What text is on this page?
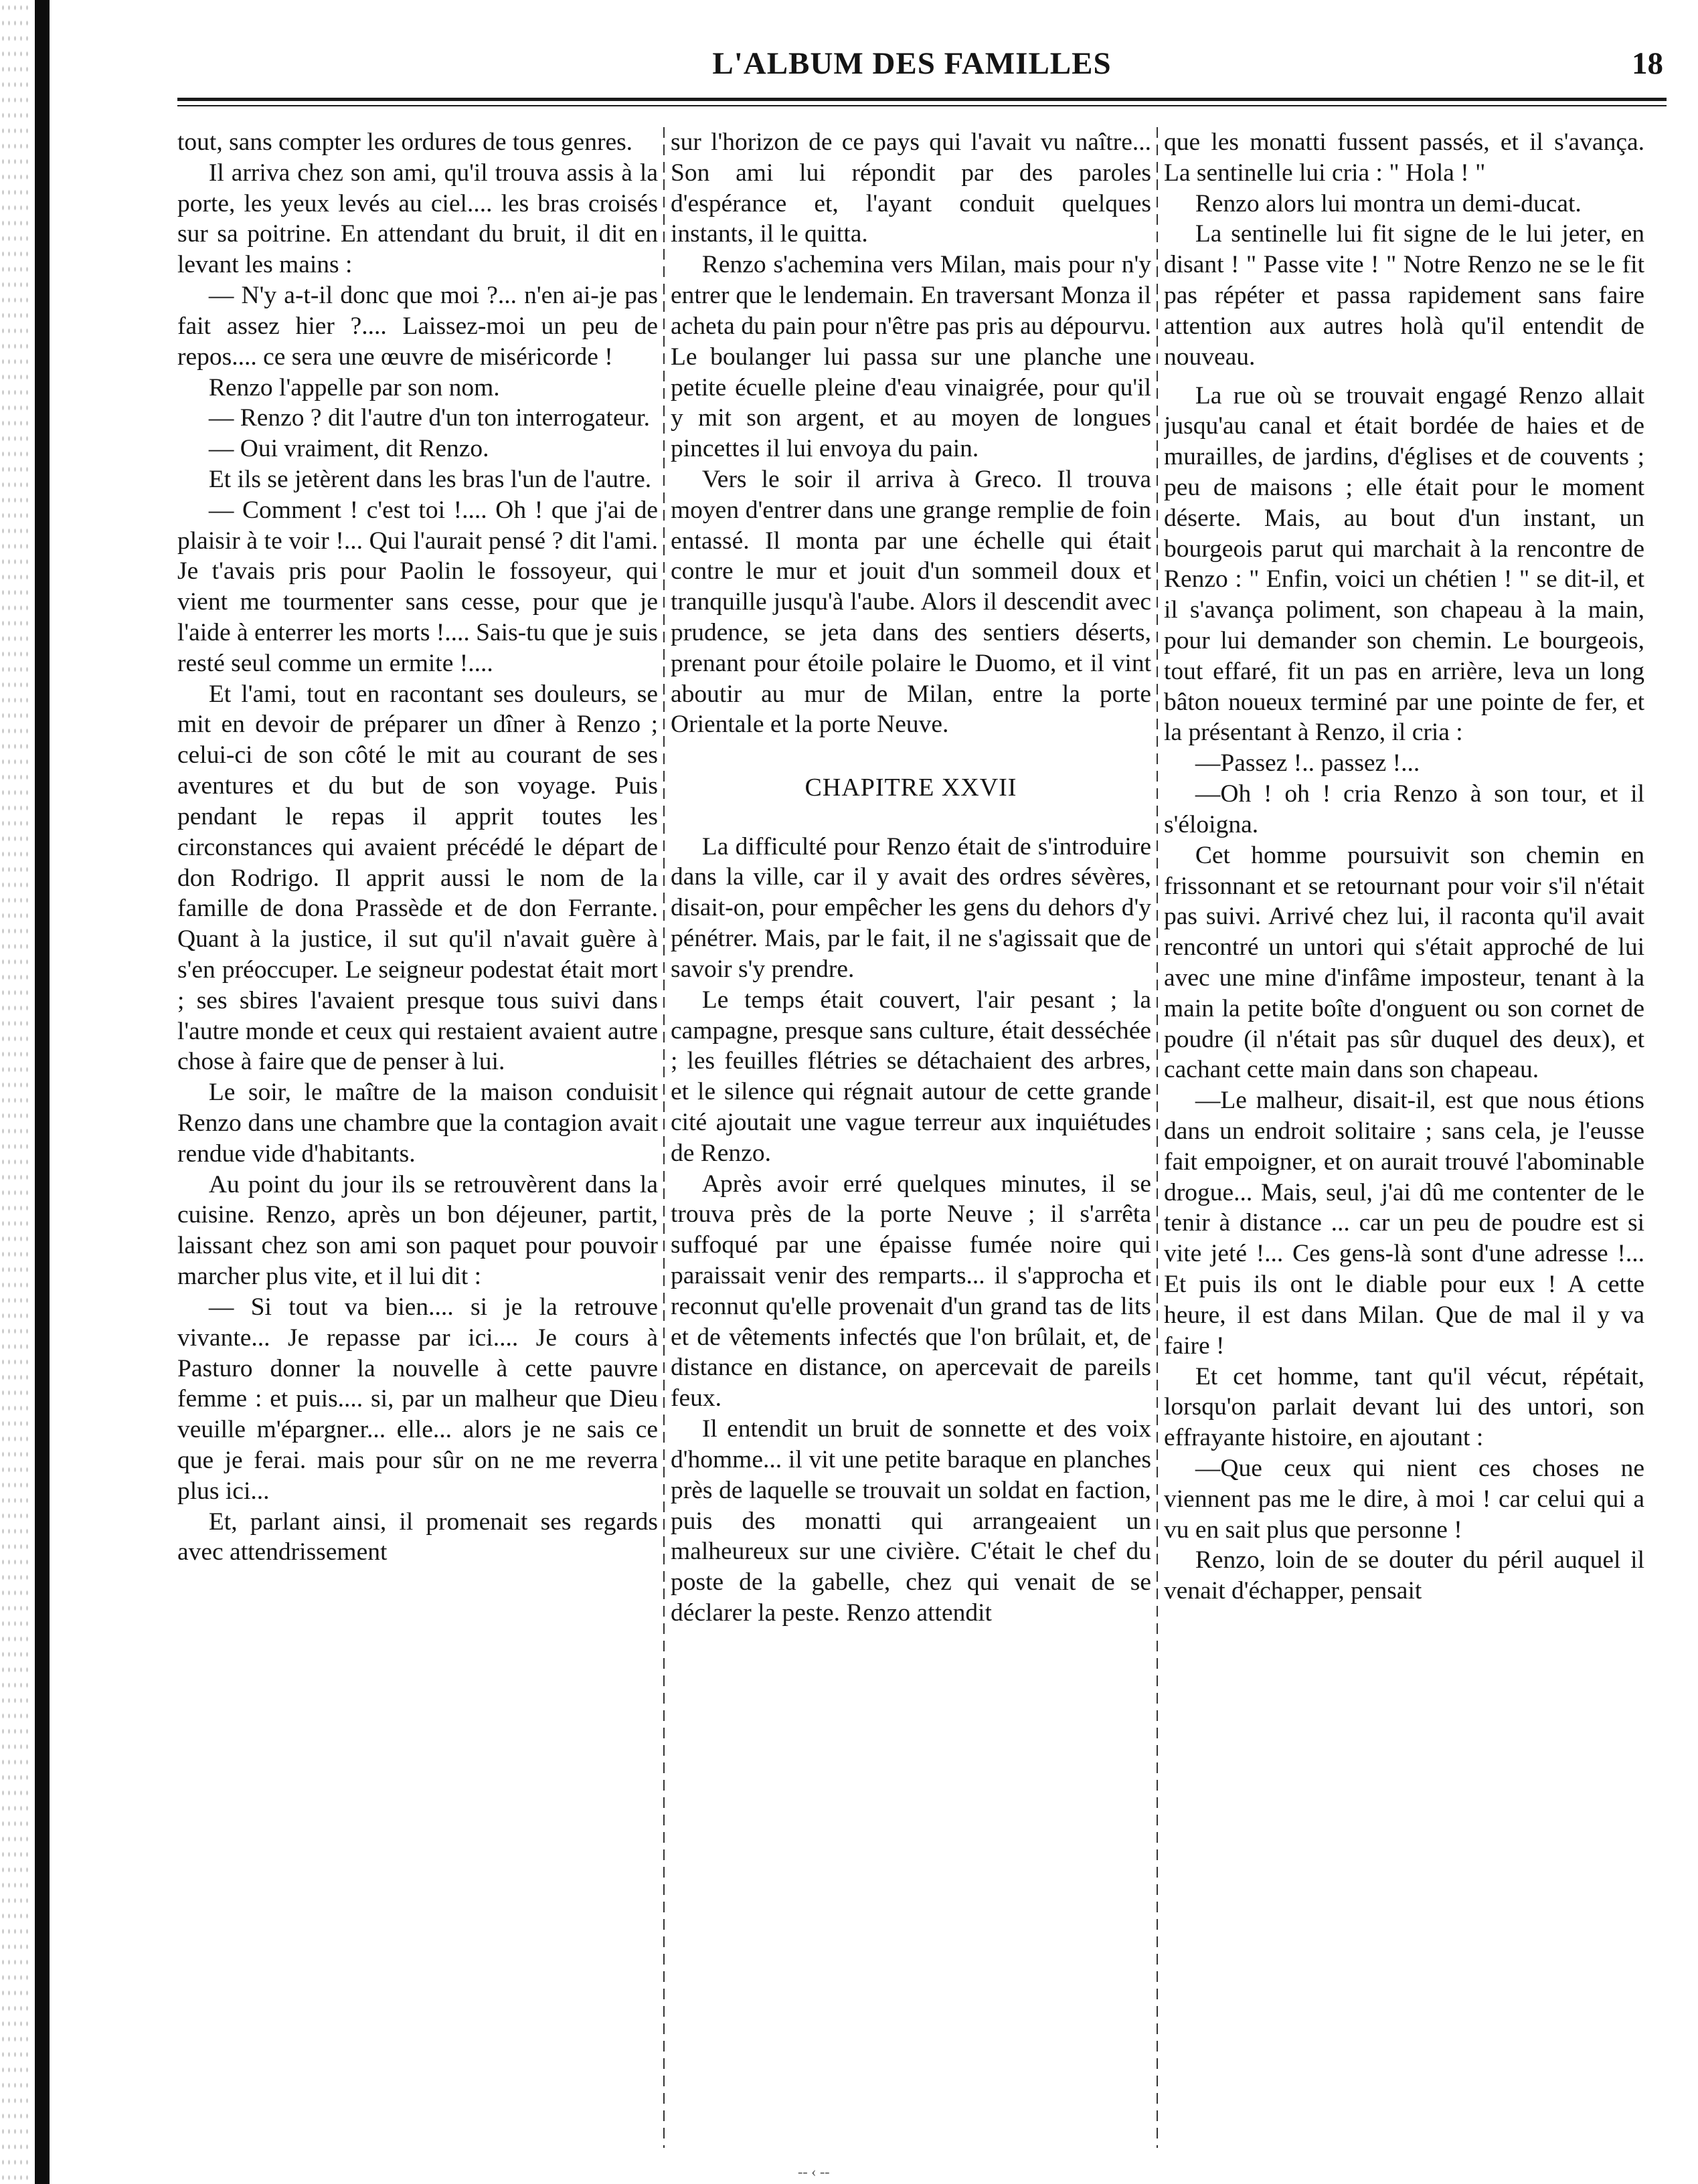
L'ALBUM DES FAMILLES	18

tout, sans compter les ordures de tous genres.

Il arriva chez son ami, qu'il trouva assis à la porte, les yeux levés au ciel.... les bras croisés sur sa poitrine. En attendant du bruit, il dit en levant les mains :

— N'y a-t-il donc que moi ?... n'en ai-je pas fait assez hier ?.... Laissez-moi un peu de repos.... ce sera une œuvre de miséricorde !

Renzo l'appelle par son nom.

— Renzo ? dit l'autre d'un ton interrogateur.

— Oui vraiment, dit Renzo.

Et ils se jetèrent dans les bras l'un de l'autre.

— Comment ! c'est toi !.... Oh ! que j'ai de plaisir à te voir !... Qui l'aurait pensé ? dit l'ami. Je t'avais pris pour Paolin le fossoyeur, qui vient me tourmenter sans cesse, pour que je l'aide à enterrer les morts !.... Sais-tu que je suis resté seul comme un ermite !....

Et l'ami, tout en racontant ses douleurs, se mit en devoir de préparer un dîner à Renzo ; celui-ci de son côté le mit au courant de ses aventures et du but de son voyage. Puis pendant le repas il apprit toutes les circonstances qui avaient précédé le départ de don Rodrigo. Il apprit aussi le nom de la famille de dona Prassède et de don Ferrante. Quant à la justice, il sut qu'il n'avait guère à s'en préoccuper. Le seigneur podestat était mort ; ses sbires l'avaient presque tous suivi dans l'autre monde et ceux qui restaient avaient autre chose à faire que de penser à lui.

Le soir, le maître de la maison conduisit Renzo dans une chambre que la contagion avait rendue vide d'habitants.

Au point du jour ils se retrouvèrent dans la cuisine. Renzo, après un bon déjeuner, partit, laissant chez son ami son paquet pour pouvoir marcher plus vite, et il lui dit :

— Si tout va bien.... si je la retrouve vivante... Je repasse par ici.... Je cours à Pasturo donner la nouvelle à cette pauvre femme : et puis.... si, par un malheur que Dieu veuille m'épargner... elle... alors je ne sais ce que je ferai. mais pour sûr on ne me reverra plus ici...

Et, parlant ainsi, il promenait ses regards avec attendrissement

sur l'horizon de ce pays qui l'avait vu naître... Son ami lui répondit par des paroles d'espérance et, l'ayant conduit quelques instants, il le quitta.

Renzo s'achemina vers Milan, mais pour n'y entrer que le lendemain. En traversant Monza il acheta du pain pour n'être pas pris au dépourvu. Le boulanger lui passa sur une planche une petite écuelle pleine d'eau vinaigrée, pour qu'il y mit son argent, et au moyen de longues pincettes il lui envoya du pain.

Vers le soir il arriva à Greco. Il trouva moyen d'entrer dans une grange remplie de foin entassé. Il monta par une échelle qui était contre le mur et jouit d'un sommeil doux et tranquille jusqu'à l'aube. Alors il descendit avec prudence, se jeta dans des sentiers déserts, prenant pour étoile polaire le Duomo, et il vint aboutir au mur de Milan, entre la porte Orientale et la porte Neuve.

CHAPITRE XXVII

La difficulté pour Renzo était de s'introduire dans la ville, car il y avait des ordres sévères, disait-on, pour empêcher les gens du dehors d'y pénétrer. Mais, par le fait, il ne s'agissait que de savoir s'y prendre.

Le temps était couvert, l'air pesant ; la campagne, presque sans culture, était desséchée ; les feuilles flétries se détachaient des arbres, et le silence qui régnait autour de cette grande cité ajoutait une vague terreur aux inquiétudes de Renzo.

Après avoir erré quelques minutes, il se trouva près de la porte Neuve ; il s'arrêta suffoqué par une épaisse fumée noire qui paraissait venir des remparts... il s'approcha et reconnut qu'elle provenait d'un grand tas de lits et de vêtements infectés que l'on brûlait, et, de distance en distance, on apercevait de pareils feux.

Il entendit un bruit de sonnette et des voix d'homme... il vit une petite baraque en planches près de laquelle se trouvait un soldat en faction, puis des monatti qui arrangeaient un malheureux sur une civière. C'était le chef du poste de la gabelle, chez qui venait de se déclarer la peste. Renzo attendit

que les monatti fussent passés, et il s'avança. La sentinelle lui cria : " Hola ! "

Renzo alors lui montra un demi-ducat.

La sentinelle lui fit signe de le lui jeter, en disant ! " Passe vite ! " Notre Renzo ne se le fit pas répéter et passa rapidement sans faire attention aux autres holà qu'il entendit de nouveau.

La rue où se trouvait engagé Renzo allait jusqu'au canal et était bordée de haies et de murailles, de jardins, d'églises et de couvents ; peu de maisons ; elle était pour le moment déserte. Mais, au bout d'un instant, un bourgeois parut qui marchait à la rencontre de Renzo : " Enfin, voici un chétien ! " se dit-il, et il s'avança poliment, son chapeau à la main, pour lui demander son chemin. Le bourgeois, tout effaré, fit un pas en arrière, leva un long bâton noueux terminé par une pointe de fer, et la présentant à Renzo, il cria :

—Passez !.. passez !...

—Oh ! oh ! cria Renzo à son tour, et il s'éloigna.

Cet homme poursuivit son chemin en frissonnant et se retournant pour voir s'il n'était pas suivi. Arrivé chez lui, il raconta qu'il avait rencontré un untori qui s'était approché de lui avec une mine d'infâme imposteur, tenant à la main la petite boîte d'onguent ou son cornet de poudre (il n'était pas sûr duquel des deux), et cachant cette main dans son chapeau.

—Le malheur, disait-il, est que nous étions dans un endroit solitaire ; sans cela, je l'eusse fait empoigner, et on aurait trouvé l'abominable drogue... Mais, seul, j'ai dû me contenter de le tenir à distance ... car un peu de poudre est si vite jeté !... Ces gens-là sont d'une adresse !... Et puis ils ont le diable pour eux ! A cette heure, il est dans Milan. Que de mal il y va faire !

Et cet homme, tant qu'il vécut, répétait, lorsqu'on parlait devant lui des untori, son effrayante histoire, en ajoutant :

—Que ceux qui nient ces choses ne viennent pas me le dire, à moi ! car celui qui a vu en sait plus que personne !

Renzo, loin de se douter du péril auquel il venait d'échapper, pensait

-- ‹ --
